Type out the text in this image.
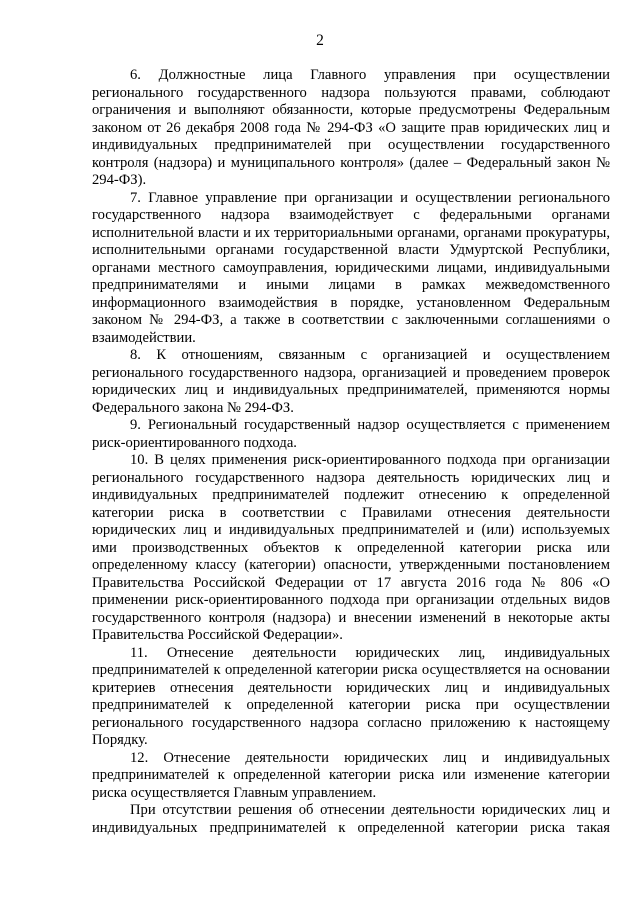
2

6. Должностные лица Главного управления при осуществлении регионального государственного надзора пользуются правами, соблюдают ограничения и выполняют обязанности, которые предусмотрены Федеральным законом от 26 декабря 2008 года № 294-ФЗ «О защите прав юридических лиц и индивидуальных предпринимателей при осуществлении государственного контроля (надзора) и муниципального контроля» (далее – Федеральный закон № 294-ФЗ).

7. Главное управление при организации и осуществлении регионального государственного надзора взаимодействует с федеральными органами исполнительной власти и их территориальными органами, органами прокуратуры, исполнительными органами государственной власти Удмуртской Республики, органами местного самоуправления, юридическими лицами, индивидуальными предпринимателями и иными лицами в рамках межведомственного информационного взаимодействия в порядке, установленном Федеральным законом № 294-ФЗ, а также в соответствии с заключенными соглашениями о взаимодействии.

8. К отношениям, связанным с организацией и осуществлением регионального государственного надзора, организацией и проведением проверок юридических лиц и индивидуальных предпринимателей, применяются нормы Федерального закона № 294-ФЗ.

9. Региональный государственный надзор осуществляется с применением риск-ориентированного подхода.

10. В целях применения риск-ориентированного подхода при организации регионального государственного надзора деятельность юридических лиц и индивидуальных предпринимателей подлежит отнесению к определенной категории риска в соответствии с Правилами отнесения деятельности юридических лиц и индивидуальных предпринимателей и (или) используемых ими производственных объектов к определенной категории риска или определенному классу (категории) опасности, утвержденными постановлением Правительства Российской Федерации от 17 августа 2016 года № 806 «О применении риск-ориентированного подхода при организации отдельных видов государственного контроля (надзора) и внесении изменений в некоторые акты Правительства Российской Федерации».

11. Отнесение деятельности юридических лиц, индивидуальных предпринимателей к определенной категории риска осуществляется на основании критериев отнесения деятельности юридических лиц и индивидуальных предпринимателей к определенной категории риска при осуществлении регионального государственного надзора согласно приложению к настоящему Порядку.

12. Отнесение деятельности юридических лиц и индивидуальных предпринимателей к определенной категории риска или изменение категории риска осуществляется Главным управлением.

При отсутствии решения об отнесении деятельности юридических лиц и индивидуальных предпринимателей к определенной категории риска такая
